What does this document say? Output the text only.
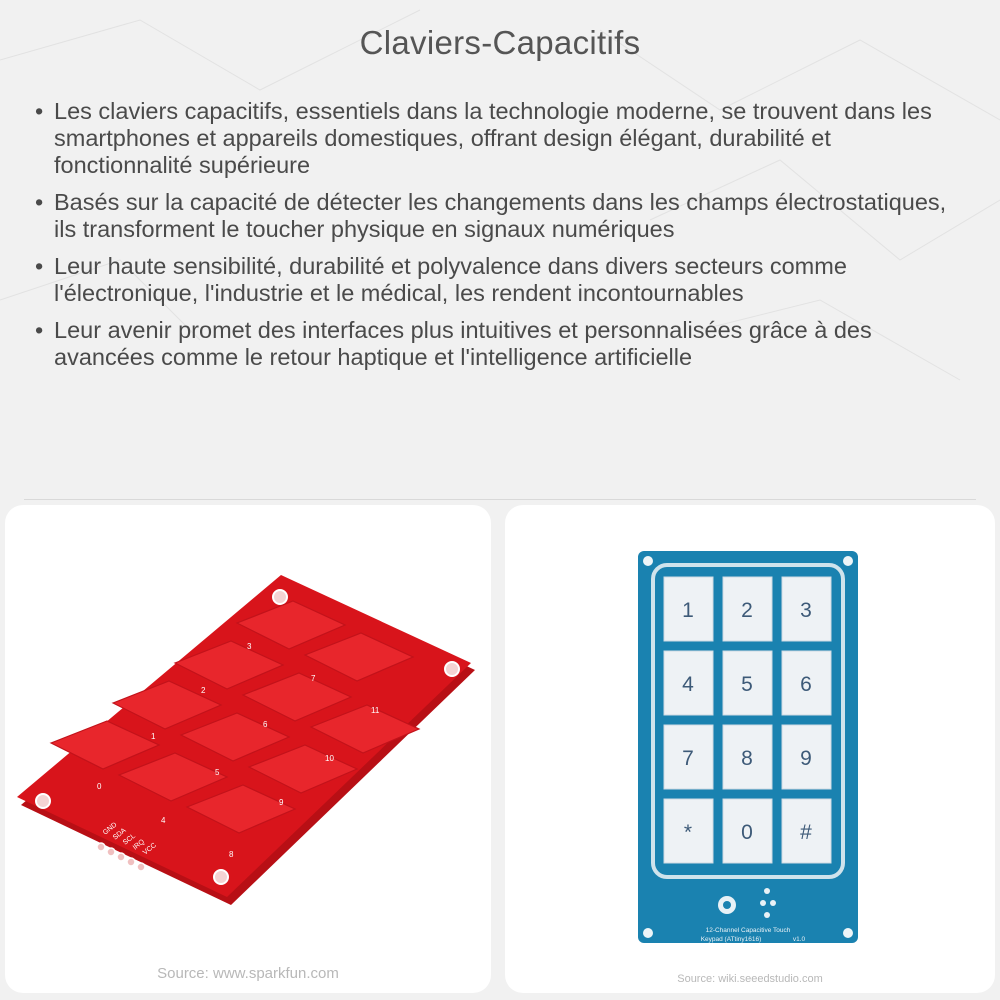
Claviers-Capacitifs
• Les claviers capacitifs, essentiels dans la technologie moderne, se trouvent dans les smartphones et appareils domestiques, offrant design élégant, durabilité et fonctionnalité supérieure
• Basés sur la capacité de détecter les changements dans les champs électrostatiques, ils transforment le toucher physique en signaux numériques
• Leur haute sensibilité, durabilité et polyvalence dans divers secteurs comme l'électronique, l'industrie et le médical, les rendent incontournables
• Leur avenir promet des interfaces plus intuitives et personnalisées grâce à des avancées comme le retour haptique et l'intelligence artificielle
3
7
2
11
1
6
10
0
5
9
4
8
GND
SDA
SCL
IRQ
VCC
Source: www.sparkfun.com
1 2 3
4 5 6
7 8 9
* 0 #
12-Channel Capacitive Touch
Keypad (ATtiny1616)	v1.0
Source: wiki.seeedstudio.com
